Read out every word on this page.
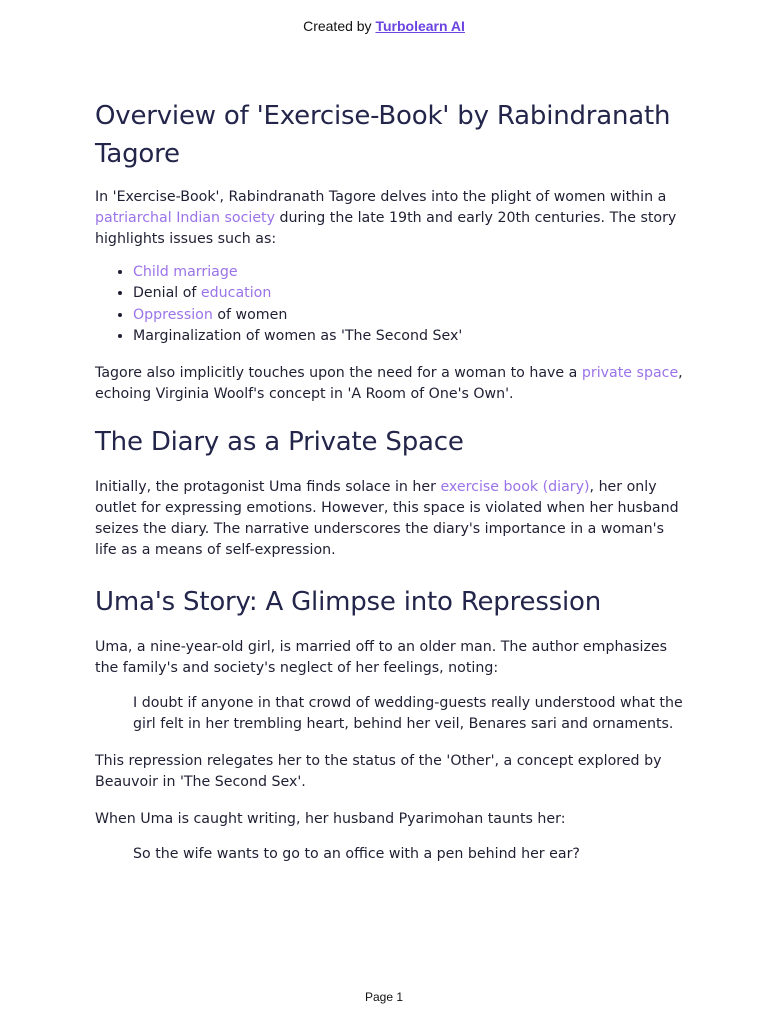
Created by Turbolearn AI
Overview of 'Exercise-Book' by Rabindranath Tagore

In 'Exercise-Book', Rabindranath Tagore delves into the plight of women within a patriarchal Indian society during the late 19th and early 20th centuries. The story highlights issues such as:

• Child marriage
• Denial of education
• Oppression of women
• Marginalization of women as 'The Second Sex'

Tagore also implicitly touches upon the need for a woman to have a private space, echoing Virginia Woolf's concept in 'A Room of One's Own'.

The Diary as a Private Space

Initially, the protagonist Uma finds solace in her exercise book (diary), her only outlet for expressing emotions. However, this space is violated when her husband seizes the diary. The narrative underscores the diary's importance in a woman's life as a means of self-expression.

Uma's Story: A Glimpse into Repression

Uma, a nine-year-old girl, is married off to an older man. The author emphasizes the family's and society's neglect of her feelings, noting:

I doubt if anyone in that crowd of wedding-guests really understood what the girl felt in her trembling heart, behind her veil, Benares sari and ornaments.

This repression relegates her to the status of the 'Other', a concept explored by Beauvoir in 'The Second Sex'.

When Uma is caught writing, her husband Pyarimohan taunts her:

So the wife wants to go to an office with a pen behind her ear?
Page 1
